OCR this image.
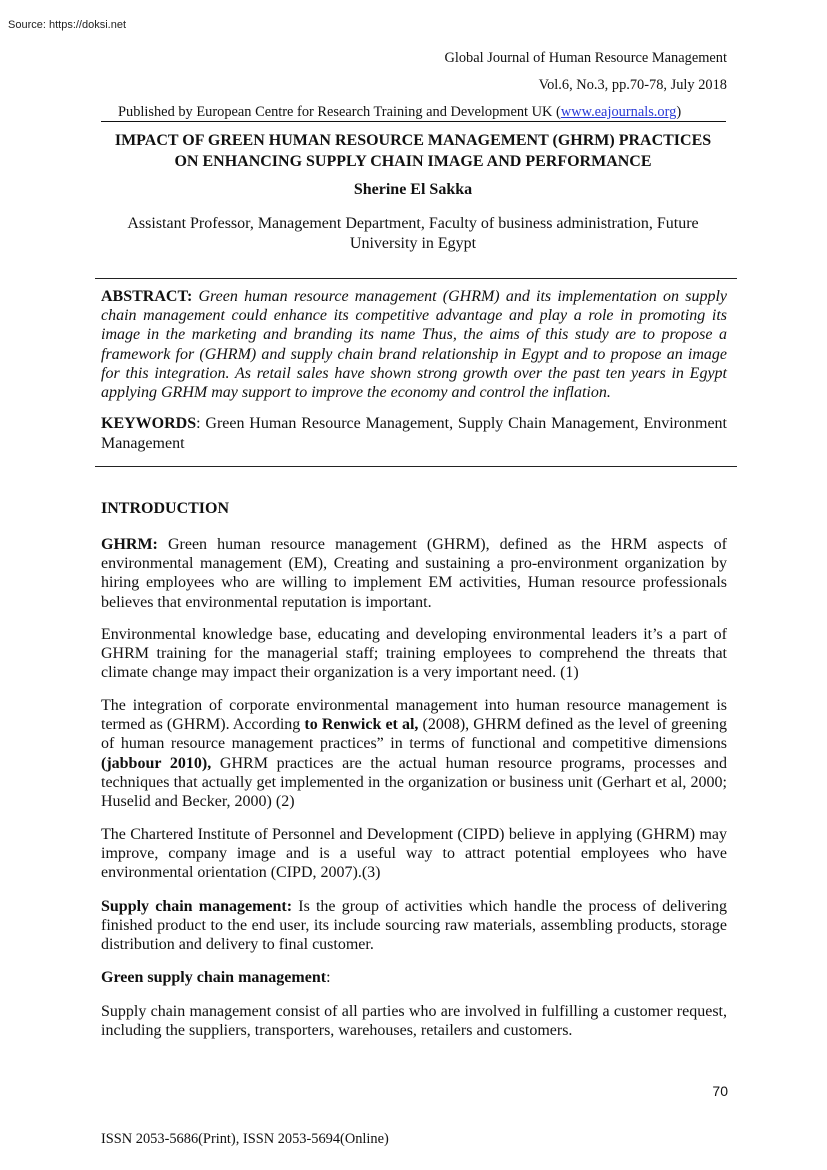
Source: https://doksi.net
Global Journal of Human Resource Management
Vol.6, No.3, pp.70-78, July 2018
Published by European Centre for Research Training and Development UK (www.eajournals.org)
IMPACT OF GREEN HUMAN RESOURCE MANAGEMENT (GHRM) PRACTICES
ON ENHANCING SUPPLY CHAIN IMAGE AND PERFORMANCE
Sherine El Sakka
Assistant Professor, Management Department, Faculty of business administration, Future University in Egypt
ABSTRACT: Green human resource management (GHRM) and its implementation on supply chain management could enhance its competitive advantage and play a role in promoting its image in the marketing and branding its name Thus, the aims of this study are to propose a framework for (GHRM) and supply chain brand relationship in Egypt and to propose an image for this integration. As retail sales have shown strong growth over the past ten years in Egypt applying GRHM may support to improve the economy and control the inflation.
KEYWORDS: Green Human Resource Management, Supply Chain Management, Environment Management
INTRODUCTION
GHRM: Green human resource management (GHRM), defined as the HRM aspects of environmental management (EM), Creating and sustaining a pro-environment organization by hiring employees who are willing to implement EM activities, Human resource professionals believes that environmental reputation is important.
Environmental knowledge base, educating and developing environmental leaders it’s a part of GHRM training for the managerial staff; training employees to comprehend the threats that climate change may impact their organization is a very important need. (1)
The integration of corporate environmental management into human resource management is termed as (GHRM). According to Renwick et al, (2008), GHRM defined as the level of greening of human resource management practices” in terms of functional and competitive dimensions (jabbour 2010), GHRM practices are the actual human resource programs, processes and techniques that actually get implemented in the organization or business unit (Gerhart et al, 2000; Huselid and Becker, 2000) (2)
The Chartered Institute of Personnel and Development (CIPD) believe in applying (GHRM) may improve, company image and is a useful way to attract potential employees who have environmental orientation (CIPD, 2007).(3)
Supply chain management: Is the group of activities which handle the process of delivering finished product to the end user, its include sourcing raw materials, assembling products, storage distribution and delivery to final customer.
Green supply chain management:
Supply chain management consist of all parties who are involved in fulfilling a customer request, including the suppliers, transporters, warehouses, retailers and customers.
70
ISSN 2053-5686(Print), ISSN 2053-5694(Online)
